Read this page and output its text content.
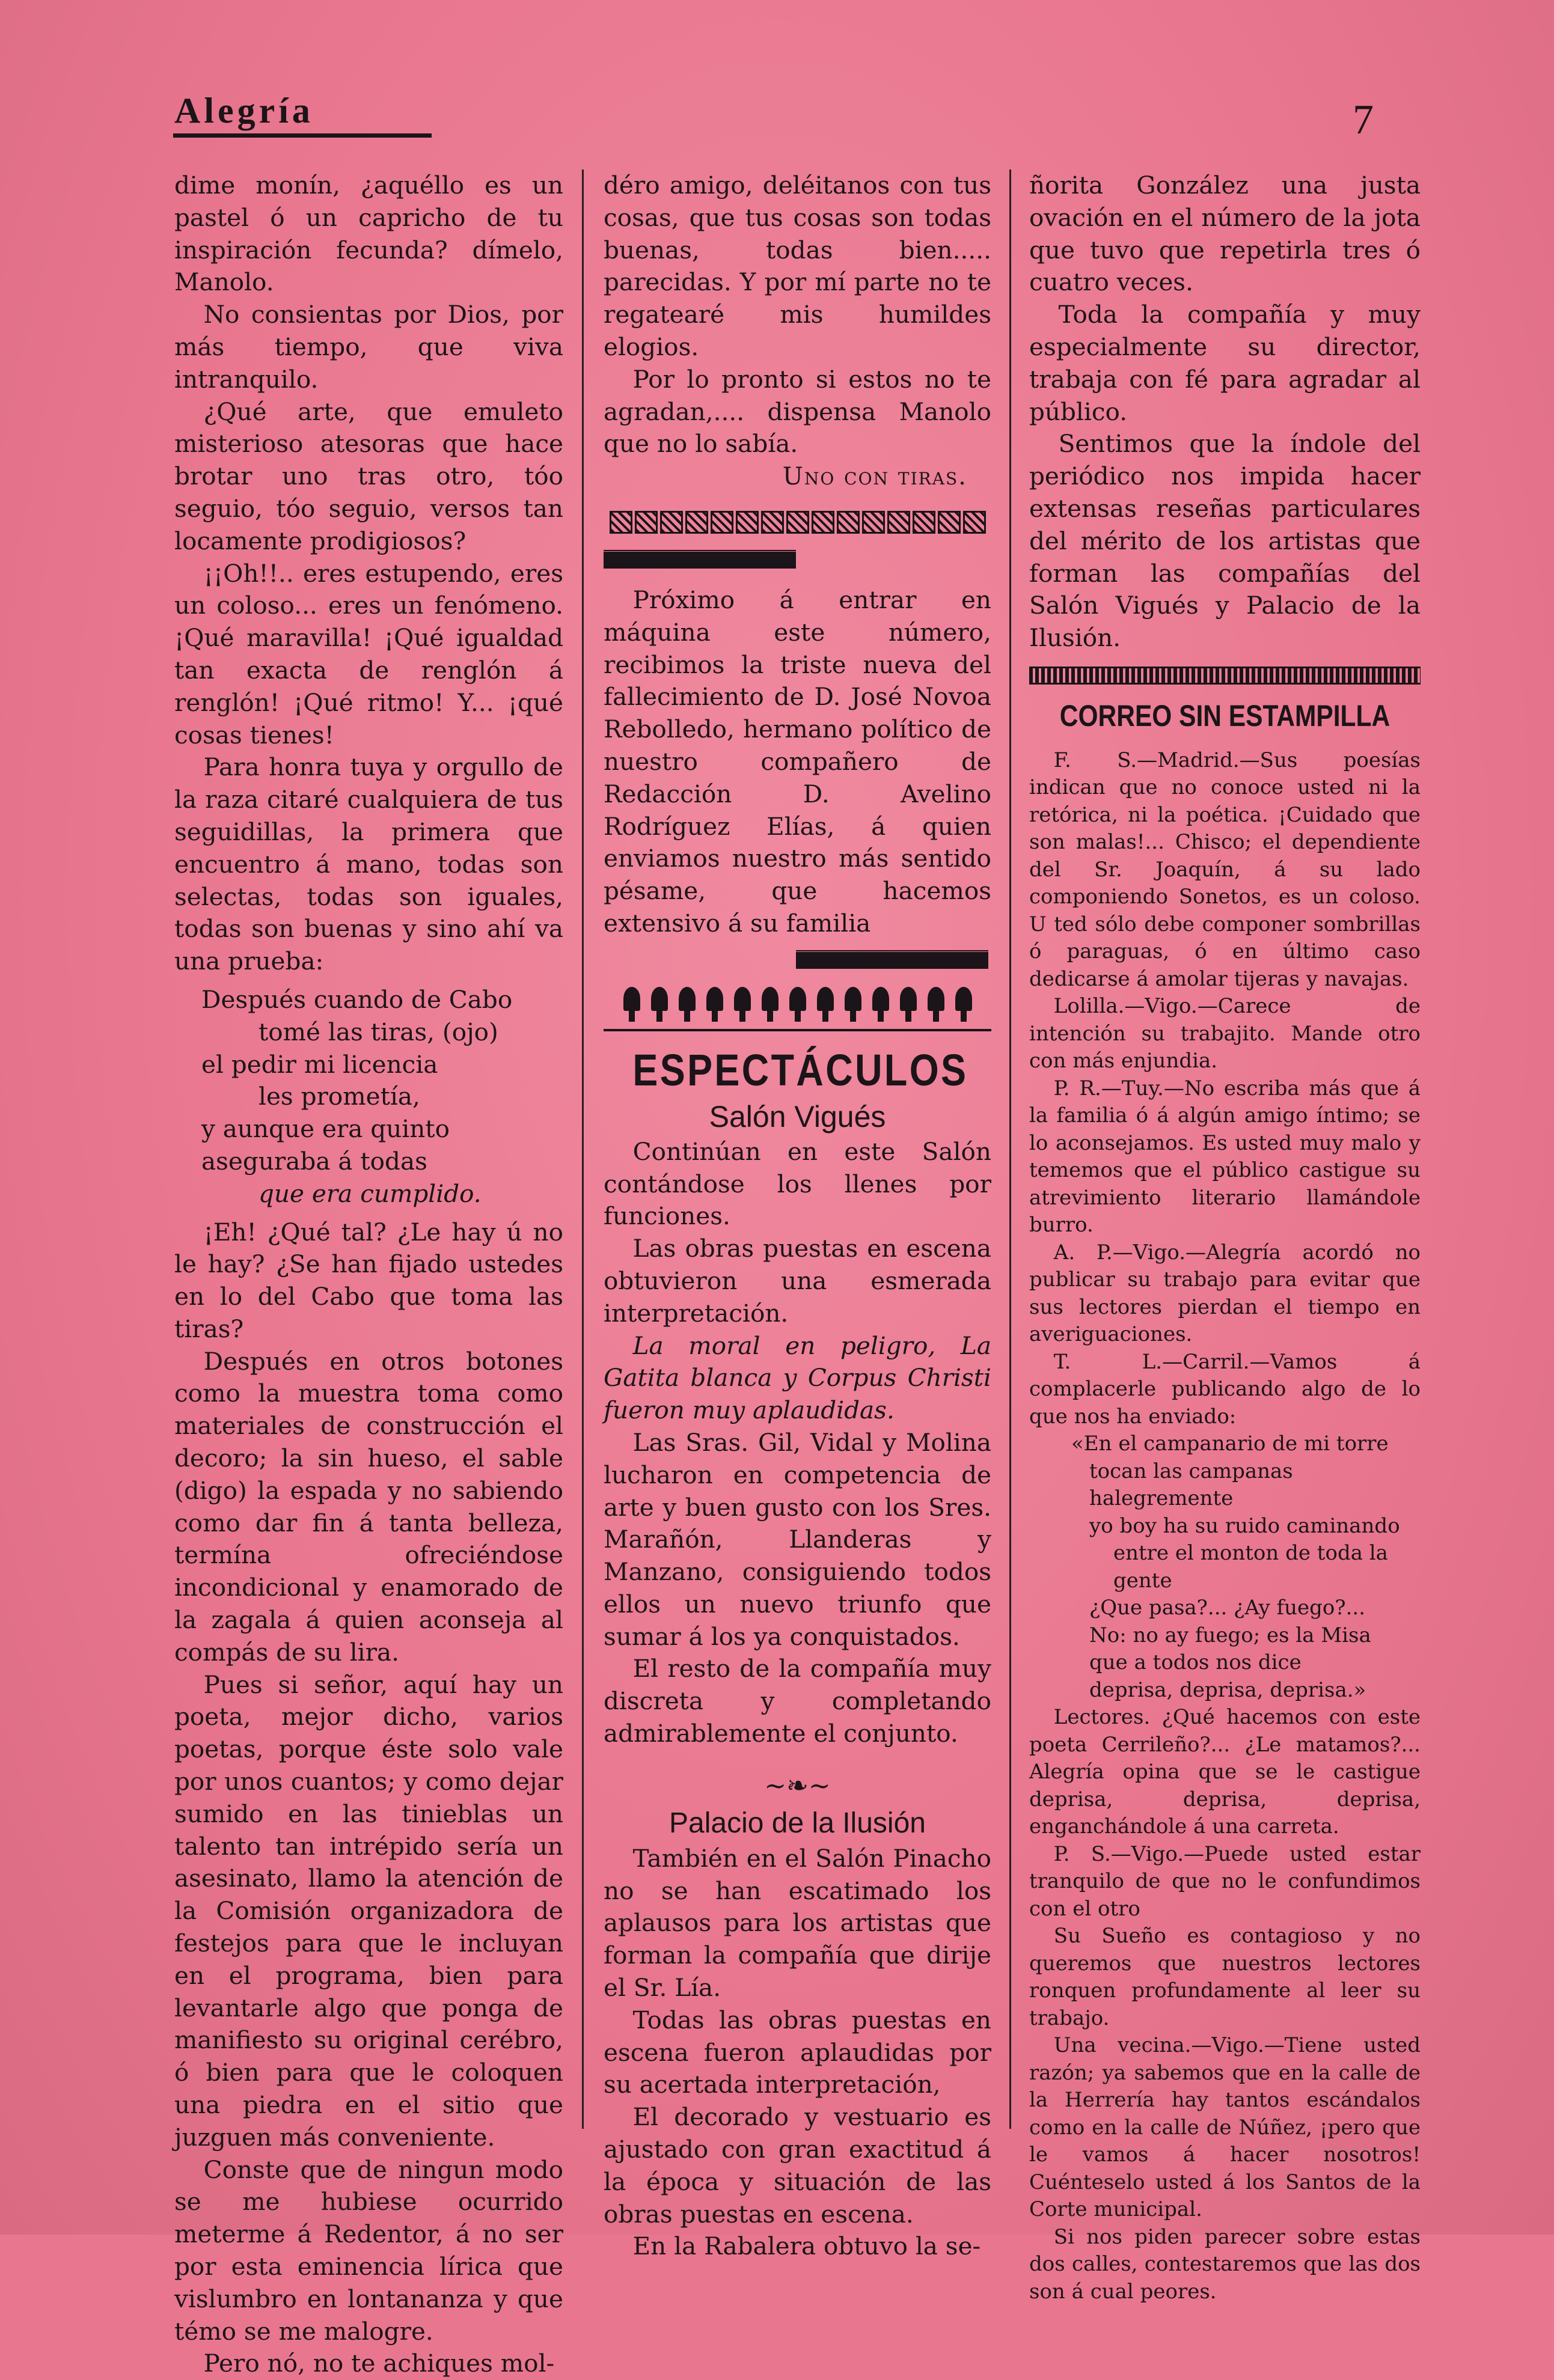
Alegría	7

dime monín, ¿aquéllo es un pastel ó un capricho de tu inspiración fecunda? dímelo, Manolo.

No consientas por Dios, por más tiempo, que viva intranquilo.

¿Qué arte, que emuleto misterioso atesoras que hace brotar uno tras otro, tóo seguio, tóo seguio, versos tan locamente prodigiosos?

¡¡Oh!!.. eres estupendo, eres un coloso... eres un fenómeno. ¡Qué maravilla! ¡Qué igualdad tan exacta de renglón á renglón! ¡Qué ritmo! Y... ¡qué cosas tienes!

Para honra tuya y orgullo de la raza citaré cualquiera de tus seguidillas, la primera que encuentro á mano, todas son selectas, todas son iguales, todas son buenas y sino ahí va una prueba:

Después cuando de Cabo

tomé las tiras, (ojo)

el pedir mi licencia

les prometía,

y aunque era quinto

aseguraba á todas

que era cumplido.

¡Eh! ¿Qué tal? ¿Le hay ú no le hay? ¿Se han fijado ustedes en lo del Cabo que toma las tiras?

Después en otros botones como la muestra toma como materiales de construcción el decoro; la sin hueso, el sable (digo) la espada y no sabiendo como dar fin á tanta belleza, termína ofreciéndose incondicional y enamorado de la zagala á quien aconseja al compás de su lira.

Pues si señor, aquí hay un poeta, mejor dicho, varios poetas, porque éste solo vale por unos cuantos; y como dejar sumido en las tinieblas un talento tan intrépido sería un asesinato, llamo la atención de la Comisión organizadora de festejos para que le incluyan en el programa, bien para levantarle algo que ponga de manifiesto su original cerébro, ó bien para que le coloquen una piedra en el sitio que juzguen más conveniente.

Conste que de ningun modo se me hubiese ocurrido meterme á Redentor, á no ser por esta eminencia lírica que vislumbro en lontananza y que témo se me malogre.

Pero nó, no te achiques mol-

déro amigo, deléitanos con tus cosas, que tus cosas son todas buenas, todas bien..... parecidas. Y por mí parte no te regatearé mis humildes elogios.

Por lo pronto si estos no te agradan,.... dispensa Manolo que no lo sabía.

Uno con tiras.

Próximo á entrar en máquina este número, recibimos la triste nueva del fallecimiento de D. José Novoa Rebolledo, hermano político de nuestro compañero de Redacción D. Avelino Rodríguez Elías, á quien enviamos nuestro más sentido pésame, que hacemos extensivo á su familia

ESPECTÁCULOS

Salón Vigués

Continúan en este Salón contándose los llenes por funciones.

Las obras puestas en escena obtuvieron una esmerada interpretación.

La moral en peligro, La Gatita blanca y Corpus Christi fueron muy aplaudidas.

Las Sras. Gil, Vidal y Molina lucharon en competencia de arte y buen gusto con los Sres. Marañón, Llanderas y Manzano, consiguiendo todos ellos un nuevo triunfo que sumar á los ya conquistados.

El resto de la compañía muy discreta y completando admirablemente el conjunto.

~❧~

Palacio de la Ilusión

También en el Salón Pinacho no se han escatimado los aplausos para los artistas que forman la compañía que dirije el Sr. Lía.

Todas las obras puestas en escena fueron aplaudidas por su acertada interpretación,

El decorado y vestuario es ajustado con gran exactitud á la época y situación de las obras puestas en escena.

En la Rabalera obtuvo la se-

ñorita González una justa ovación en el número de la jota que tuvo que repetirla tres ó cuatro veces.

Toda la compañía y muy especialmente su director, trabaja con fé para agradar al público.

Sentimos que la índole del periódico nos impida hacer extensas reseñas particulares del mérito de los artistas que forman las compañías del Salón Vigués y Palacio de la Ilusión.

CORREO SIN ESTAMPILLA

F. S.—Madrid.—Sus poesías indican que no conoce usted ni la retórica, ni la poética. ¡Cuidado que son malas!... Chisco; el dependiente del Sr. Joaquín, á su lado componiendo Sonetos, es un coloso. U ted sólo debe componer sombrillas ó paraguas, ó en último caso dedicarse á amolar tijeras y navajas.

Lolilla.—Vigo.—Carece de intención su trabajito. Mande otro con más enjundia.

P. R.—Tuy.—No escriba más que á la familia ó á algún amigo íntimo; se lo aconsejamos. Es usted muy malo y tememos que el público castigue su atrevimiento literario llamándole burro.

A. P.—Vigo.—Alegría acordó no publicar su trabajo para evitar que sus lectores pierdan el tiempo en averiguaciones.

T. L.—Carril.—Vamos á complacerle publicando algo de lo que nos ha enviado:

«En el campanario de mi torre

tocan las campanas halegremente

yo boy ha su ruido caminando

entre el monton de toda la gente

¿Que pasa?... ¿Ay fuego?...

No: no ay fuego; es la Misa

que a todos nos dice

deprisa, deprisa, deprisa.»

Lectores. ¿Qué hacemos con este poeta Cerrileño?... ¿Le matamos?... Alegría opina que se le castigue deprisa, deprisa, deprisa, enganchándole á una carreta.

P. S.—Vigo.—Puede usted estar tranquilo de que no le confundimos con el otro

Su Sueño es contagioso y no queremos que nuestros lectores ronquen profundamente al leer su trabajo.

Una vecina.—Vigo.—Tiene usted razón; ya sabemos que en la calle de la Herrería hay tantos escándalos como en la calle de Núñez, ¡pero que le vamos á hacer nosotros! Cuénteselo usted á los Santos de la Corte municipal.

Si nos piden parecer sobre estas dos calles, contestaremos que las dos son á cual peores.
